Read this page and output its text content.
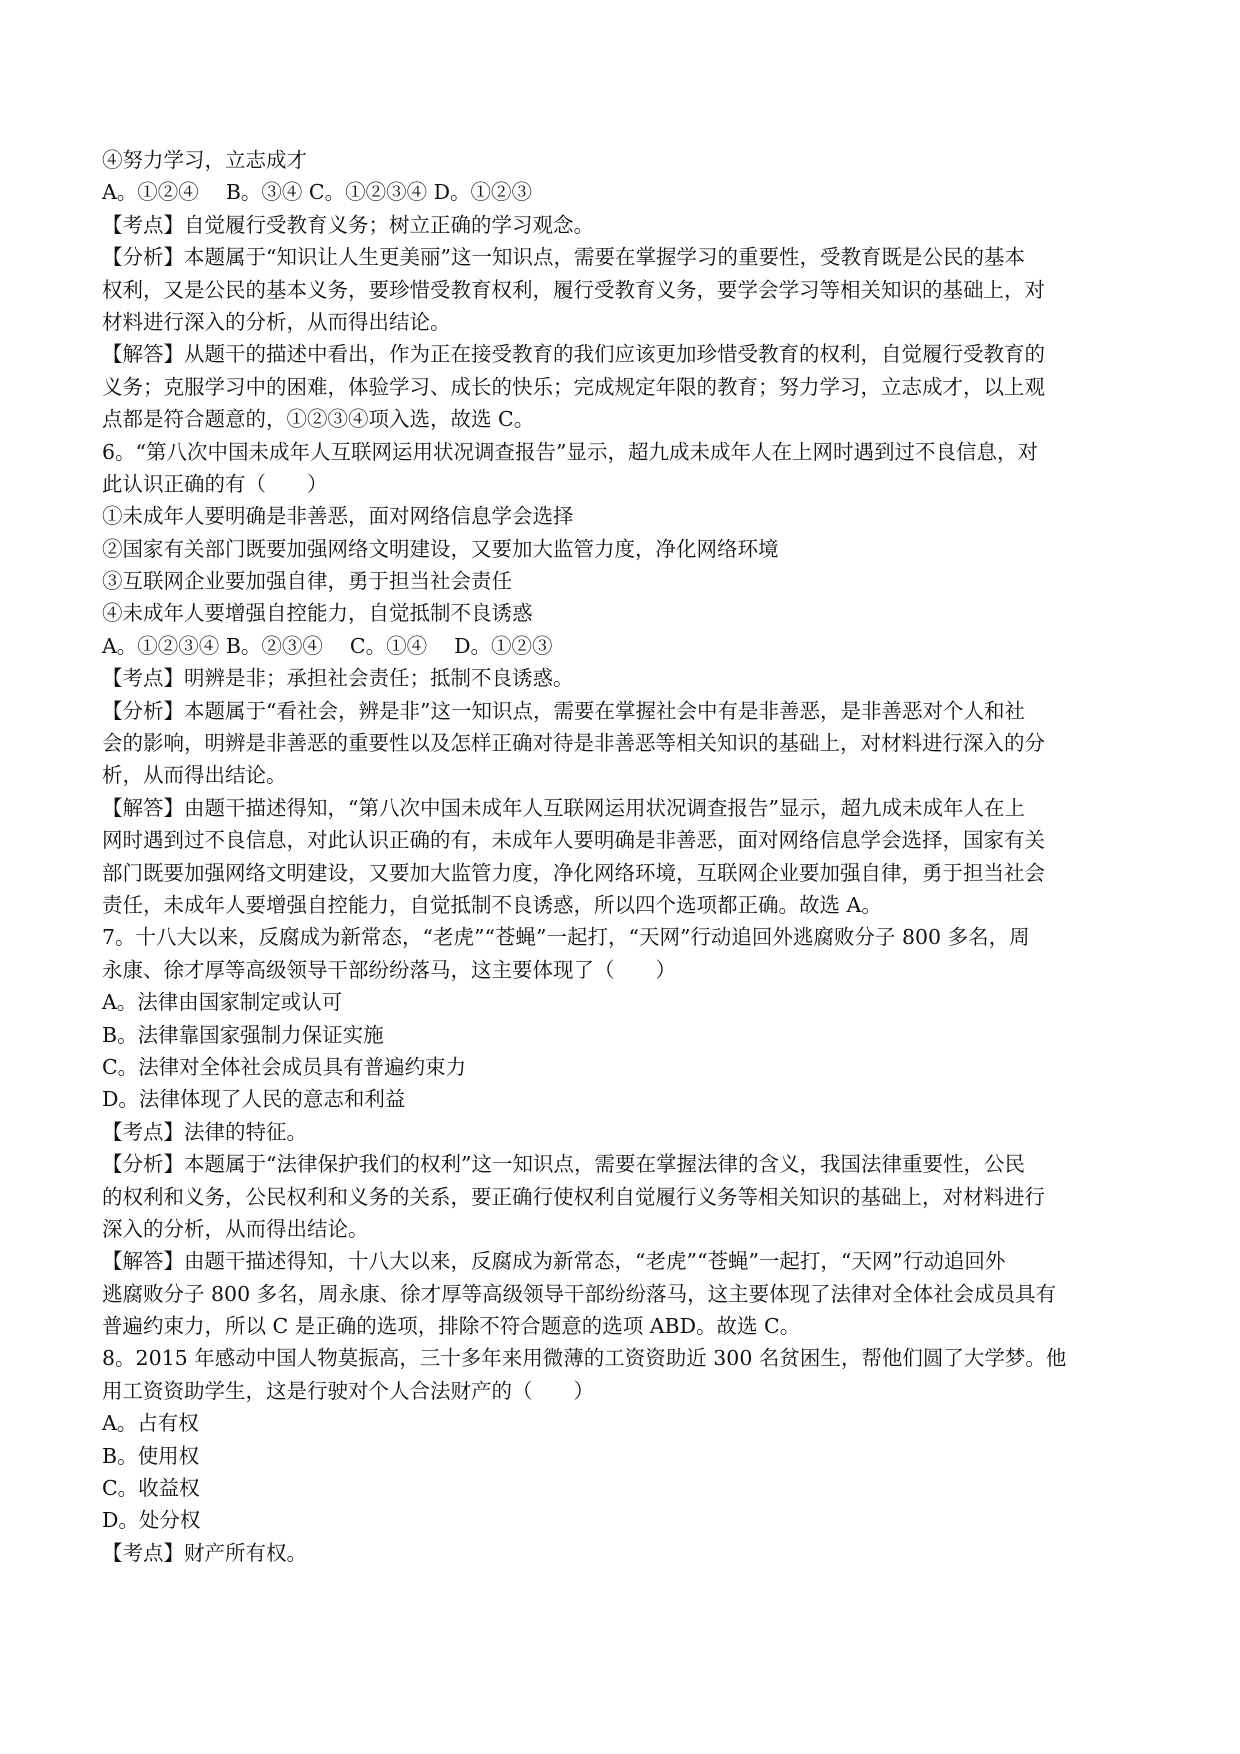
④努力学习，立志成才
A。①②④　 B。③④ C。①②③④ D。①②③
【考点】自觉履行受教育义务；树立正确的学习观念。
【分析】本题属于“知识让人生更美丽”这一知识点，需要在掌握学习的重要性，受教育既是公民的基本
权利，又是公民的基本义务，要珍惜受教育权利，履行受教育义务，要学会学习等相关知识的基础上，对
材料进行深入的分析，从而得出结论。
【解答】从题干的描述中看出，作为正在接受教育的我们应该更加珍惜受教育的权利，自觉履行受教育的
义务；克服学习中的困难，体验学习、成长的快乐；完成规定年限的教育；努力学习，立志成才，以上观
点都是符合题意的，①②③④项入选，故选 C。
6。“第八次中国未成年人互联网运用状况调查报告”显示，超九成未成年人在上网时遇到过不良信息，对
此认识正确的有（　　）
①未成年人要明确是非善恶，面对网络信息学会选择
②国家有关部门既要加强网络文明建设，又要加大监管力度，净化网络环境
③互联网企业要加强自律，勇于担当社会责任
④未成年人要增强自控能力，自觉抵制不良诱惑
A。①②③④ B。②③④　 C。①④　 D。①②③
【考点】明辨是非；承担社会责任；抵制不良诱惑。
【分析】本题属于“看社会，辨是非”这一知识点，需要在掌握社会中有是非善恶，是非善恶对个人和社
会的影响，明辨是非善恶的重要性以及怎样正确对待是非善恶等相关知识的基础上，对材料进行深入的分
析，从而得出结论。
【解答】由题干描述得知，“第八次中国未成年人互联网运用状况调查报告”显示，超九成未成年人在上
网时遇到过不良信息，对此认识正确的有，未成年人要明确是非善恶，面对网络信息学会选择，国家有关
部门既要加强网络文明建设，又要加大监管力度，净化网络环境，互联网企业要加强自律，勇于担当社会
责任，未成年人要增强自控能力，自觉抵制不良诱惑，所以四个选项都正确。故选 A。
7。十八大以来，反腐成为新常态，“老虎”“苍蝇”一起打，“天网”行动追回外逃腐败分子 800 多名，周
永康、徐才厚等高级领导干部纷纷落马，这主要体现了（　　）
A。法律由国家制定或认可
B。法律靠国家强制力保证实施
C。法律对全体社会成员具有普遍约束力
D。法律体现了人民的意志和利益
【考点】法律的特征。
【分析】本题属于“法律保护我们的权利”这一知识点，需要在掌握法律的含义，我国法律重要性，公民
的权利和义务，公民权利和义务的关系，要正确行使权利自觉履行义务等相关知识的基础上，对材料进行
深入的分析，从而得出结论。
【解答】由题干描述得知，十八大以来，反腐成为新常态，“老虎”“苍蝇”一起打，“天网”行动追回外
逃腐败分子 800 多名，周永康、徐才厚等高级领导干部纷纷落马，这主要体现了法律对全体社会成员具有
普遍约束力，所以 C 是正确的选项，排除不符合题意的选项 ABD。故选 C。
8。2015 年感动中国人物莫振高，三十多年来用微薄的工资资助近 300 名贫困生，帮他们圆了大学梦。他
用工资资助学生，这是行驶对个人合法财产的（　　）
A。占有权
B。使用权
C。收益权
D。处分权
【考点】财产所有权。
